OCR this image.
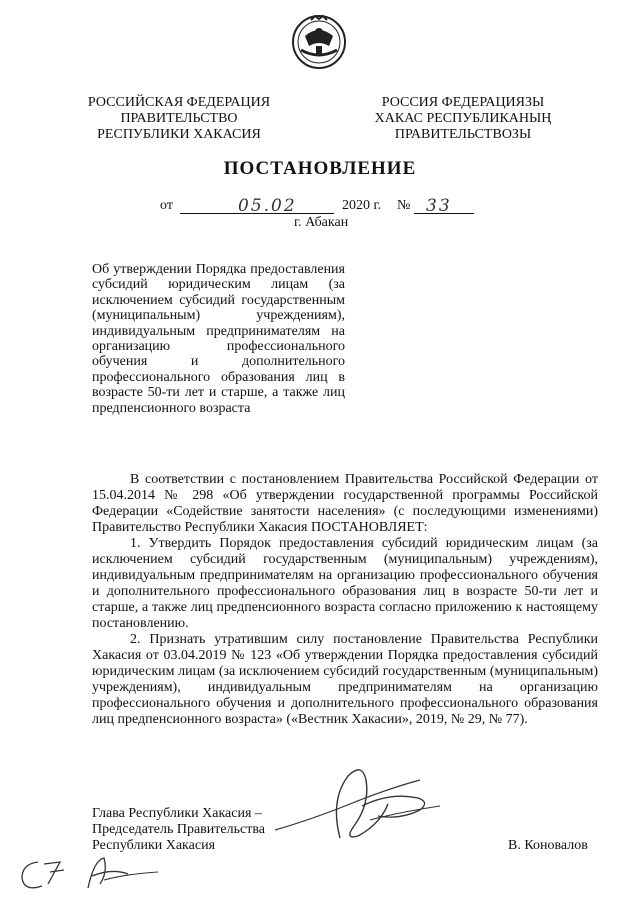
РОССИЙСКАЯ ФЕДЕРАЦИЯ
ПРАВИТЕЛЬСТВО
РЕСПУБЛИКИ ХАКАСИЯ
РОССИЯ ФЕДЕРАЦИЯЗЫ
ХАКАС РЕСПУБЛИКАНЫҢ
ПРАВИТЕЛЬСТВОЗЫ
ПОСТАНОВЛЕНИЕ
от	05.02	2020 г. № 33
г. Абакан
Об утверждении Порядка предоставления субсидий юридическим лицам (за исключением субсидий государственным (муниципальным) учреждениям), индивидуальным предпринимателям на организацию профессионального обучения и дополнительного профессионального образования лиц в возрасте 50-ти лет и старше, а также лиц предпенсионного возраста

В соответствии с постановлением Правительства Российской Федерации от 15.04.2014 № 298 «Об утверждении государственной программы Российской Федерации «Содействие занятости населения» (с последующими изменениями) Правительство Республики Хакасия ПОСТАНОВЛЯЕТ:

1. Утвердить Порядок предоставления субсидий юридическим лицам (за исключением субсидий государственным (муниципальным) учреждениям), индивидуальным предпринимателям на организацию профессионального обучения и дополнительного профессионального образования лиц в возрасте 50-ти лет и старше, а также лиц предпенсионного возраста согласно приложению к настоящему постановлению.

2. Признать утратившим силу постановление Правительства Республики Хакасия от 03.04.2019 № 123 «Об утверждении Порядка предоставления субсидий юридическим лицам (за исключением субсидий государственным (муниципальным) учреждениям), индивидуальным предпринимателям на организацию профессионального обучения и дополнительного профессионального образования лиц предпенсионного возраста» («Вестник Хакасии», 2019, № 29, № 77).

Глава Республики Хакасия –
Председатель Правительства
Республики Хакасия	В. Коновалов
